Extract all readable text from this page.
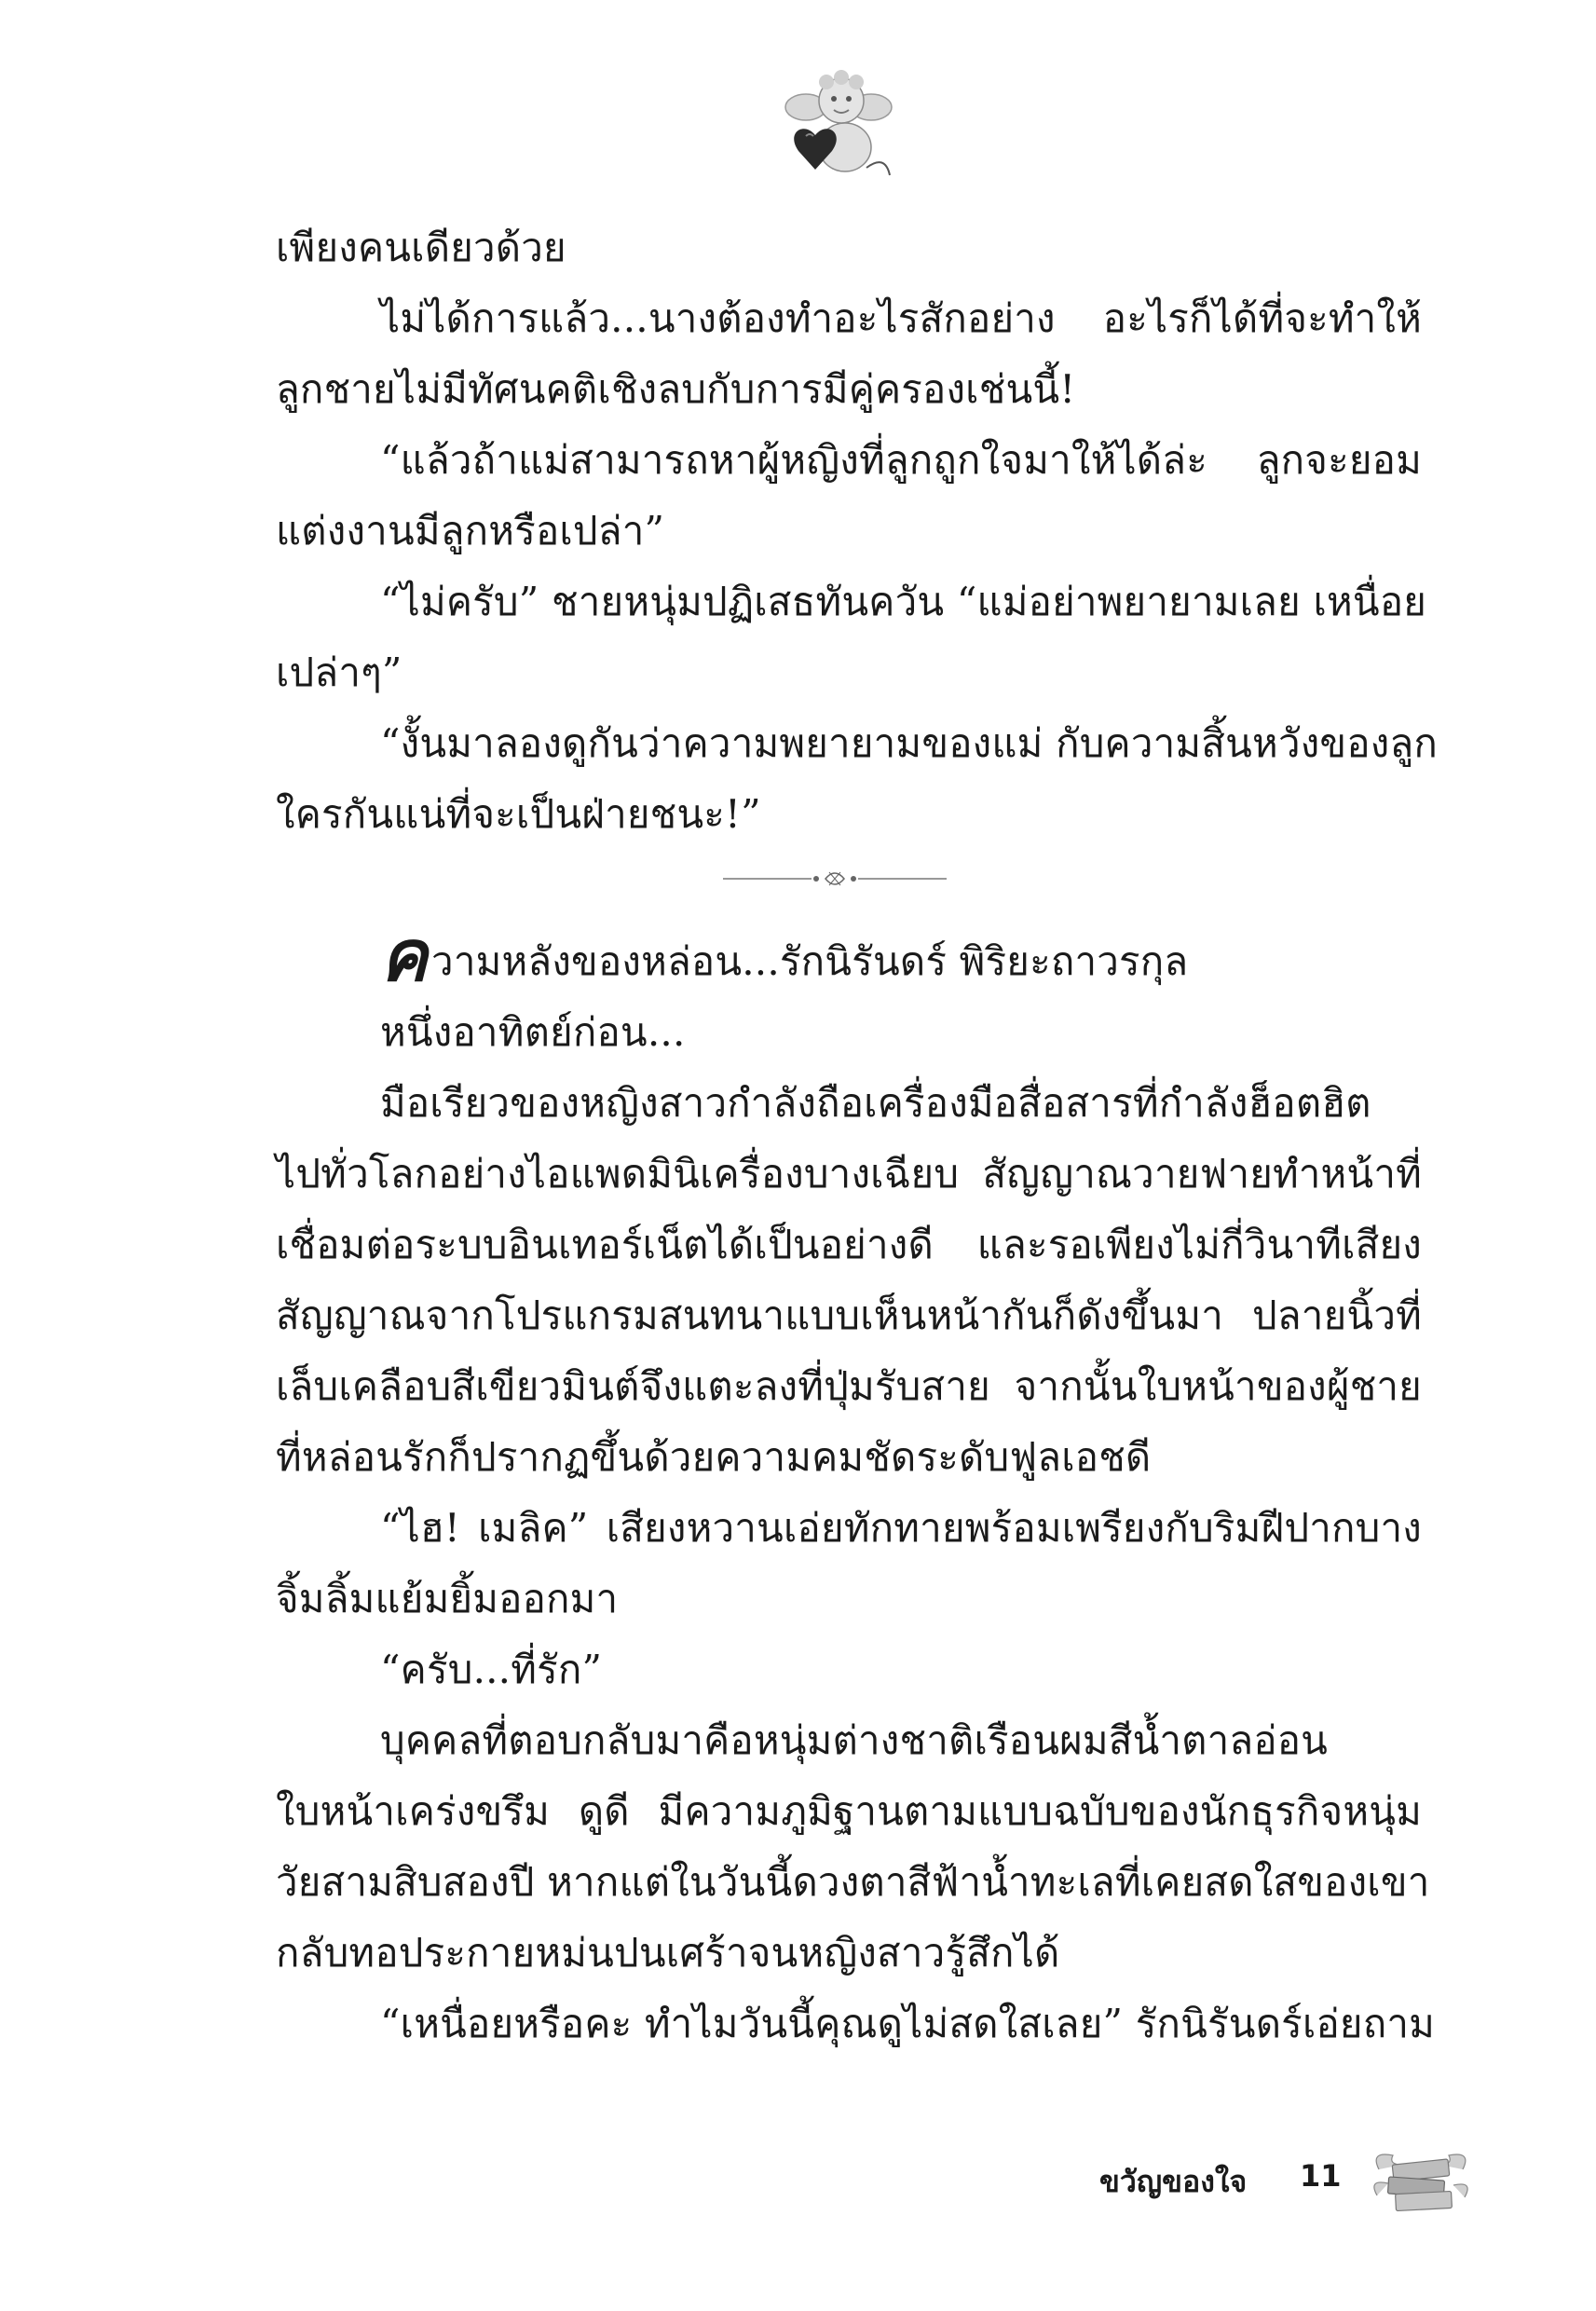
เพียงคนเดียวด้วย
ไม่ได้การแล้ว...นางต้องทำอะไรสักอย่าง อะไรก็ได้ที่จะทำให้
ลูกชายไม่มีทัศนคติเชิงลบกับการมีคู่ครองเช่นนี้!
“แล้วถ้าแม่สามารถหาผู้หญิงที่ลูกถูกใจมาให้ได้ล่ะ ลูกจะยอม
แต่งงานมีลูกหรือเปล่า”
“ไม่ครับ” ชายหนุ่มปฏิเสธทันควัน “แม่อย่าพยายามเลย เหนื่อย
เปล่าๆ”
“งั้นมาลองดูกันว่าความพยายามของแม่ กับความสิ้นหวังของลูก
ใครกันแน่ที่จะเป็นฝ่ายชนะ!”
ความหลังของหล่อน...รักนิรันดร์ พิริยะถาวรกุล
หนึ่งอาทิตย์ก่อน...
มือเรียวของหญิงสาวกำลังถือเครื่องมือสื่อสารที่กำลังฮ็อตฮิต
ไปทั่วโลกอย่างไอแพดมินิเครื่องบางเฉียบ สัญญาณวายฟายทำหน้าที่
เชื่อมต่อระบบอินเทอร์เน็ตได้เป็นอย่างดี และรอเพียงไม่กี่วินาทีเสียง
สัญญาณจากโปรแกรมสนทนาแบบเห็นหน้ากันก็ดังขึ้นมา ปลายนิ้วที่
เล็บเคลือบสีเขียวมินต์จึงแตะลงที่ปุ่มรับสาย จากนั้นใบหน้าของผู้ชาย
ที่หล่อนรักก็ปรากฏขึ้นด้วยความคมชัดระดับฟูลเอชดี
“ไฮ! เมลิค” เสียงหวานเอ่ยทักทายพร้อมเพรียงกับริมฝีปากบาง
จิ้มลิ้มแย้มยิ้มออกมา
“ครับ...ที่รัก”
บุคคลที่ตอบกลับมาคือหนุ่มต่างชาติเรือนผมสีน้ำตาลอ่อน
ใบหน้าเคร่งขรึม ดูดี มีความภูมิฐานตามแบบฉบับของนักธุรกิจหนุ่ม
วัยสามสิบสองปี หากแต่ในวันนี้ดวงตาสีฟ้าน้ำทะเลที่เคยสดใสของเขา
กลับทอประกายหม่นปนเศร้าจนหญิงสาวรู้สึกได้
“เหนื่อยหรือคะ ทำไมวันนี้คุณดูไม่สดใสเลย” รักนิรันดร์เอ่ยถาม
ขวัญของใจ 11
